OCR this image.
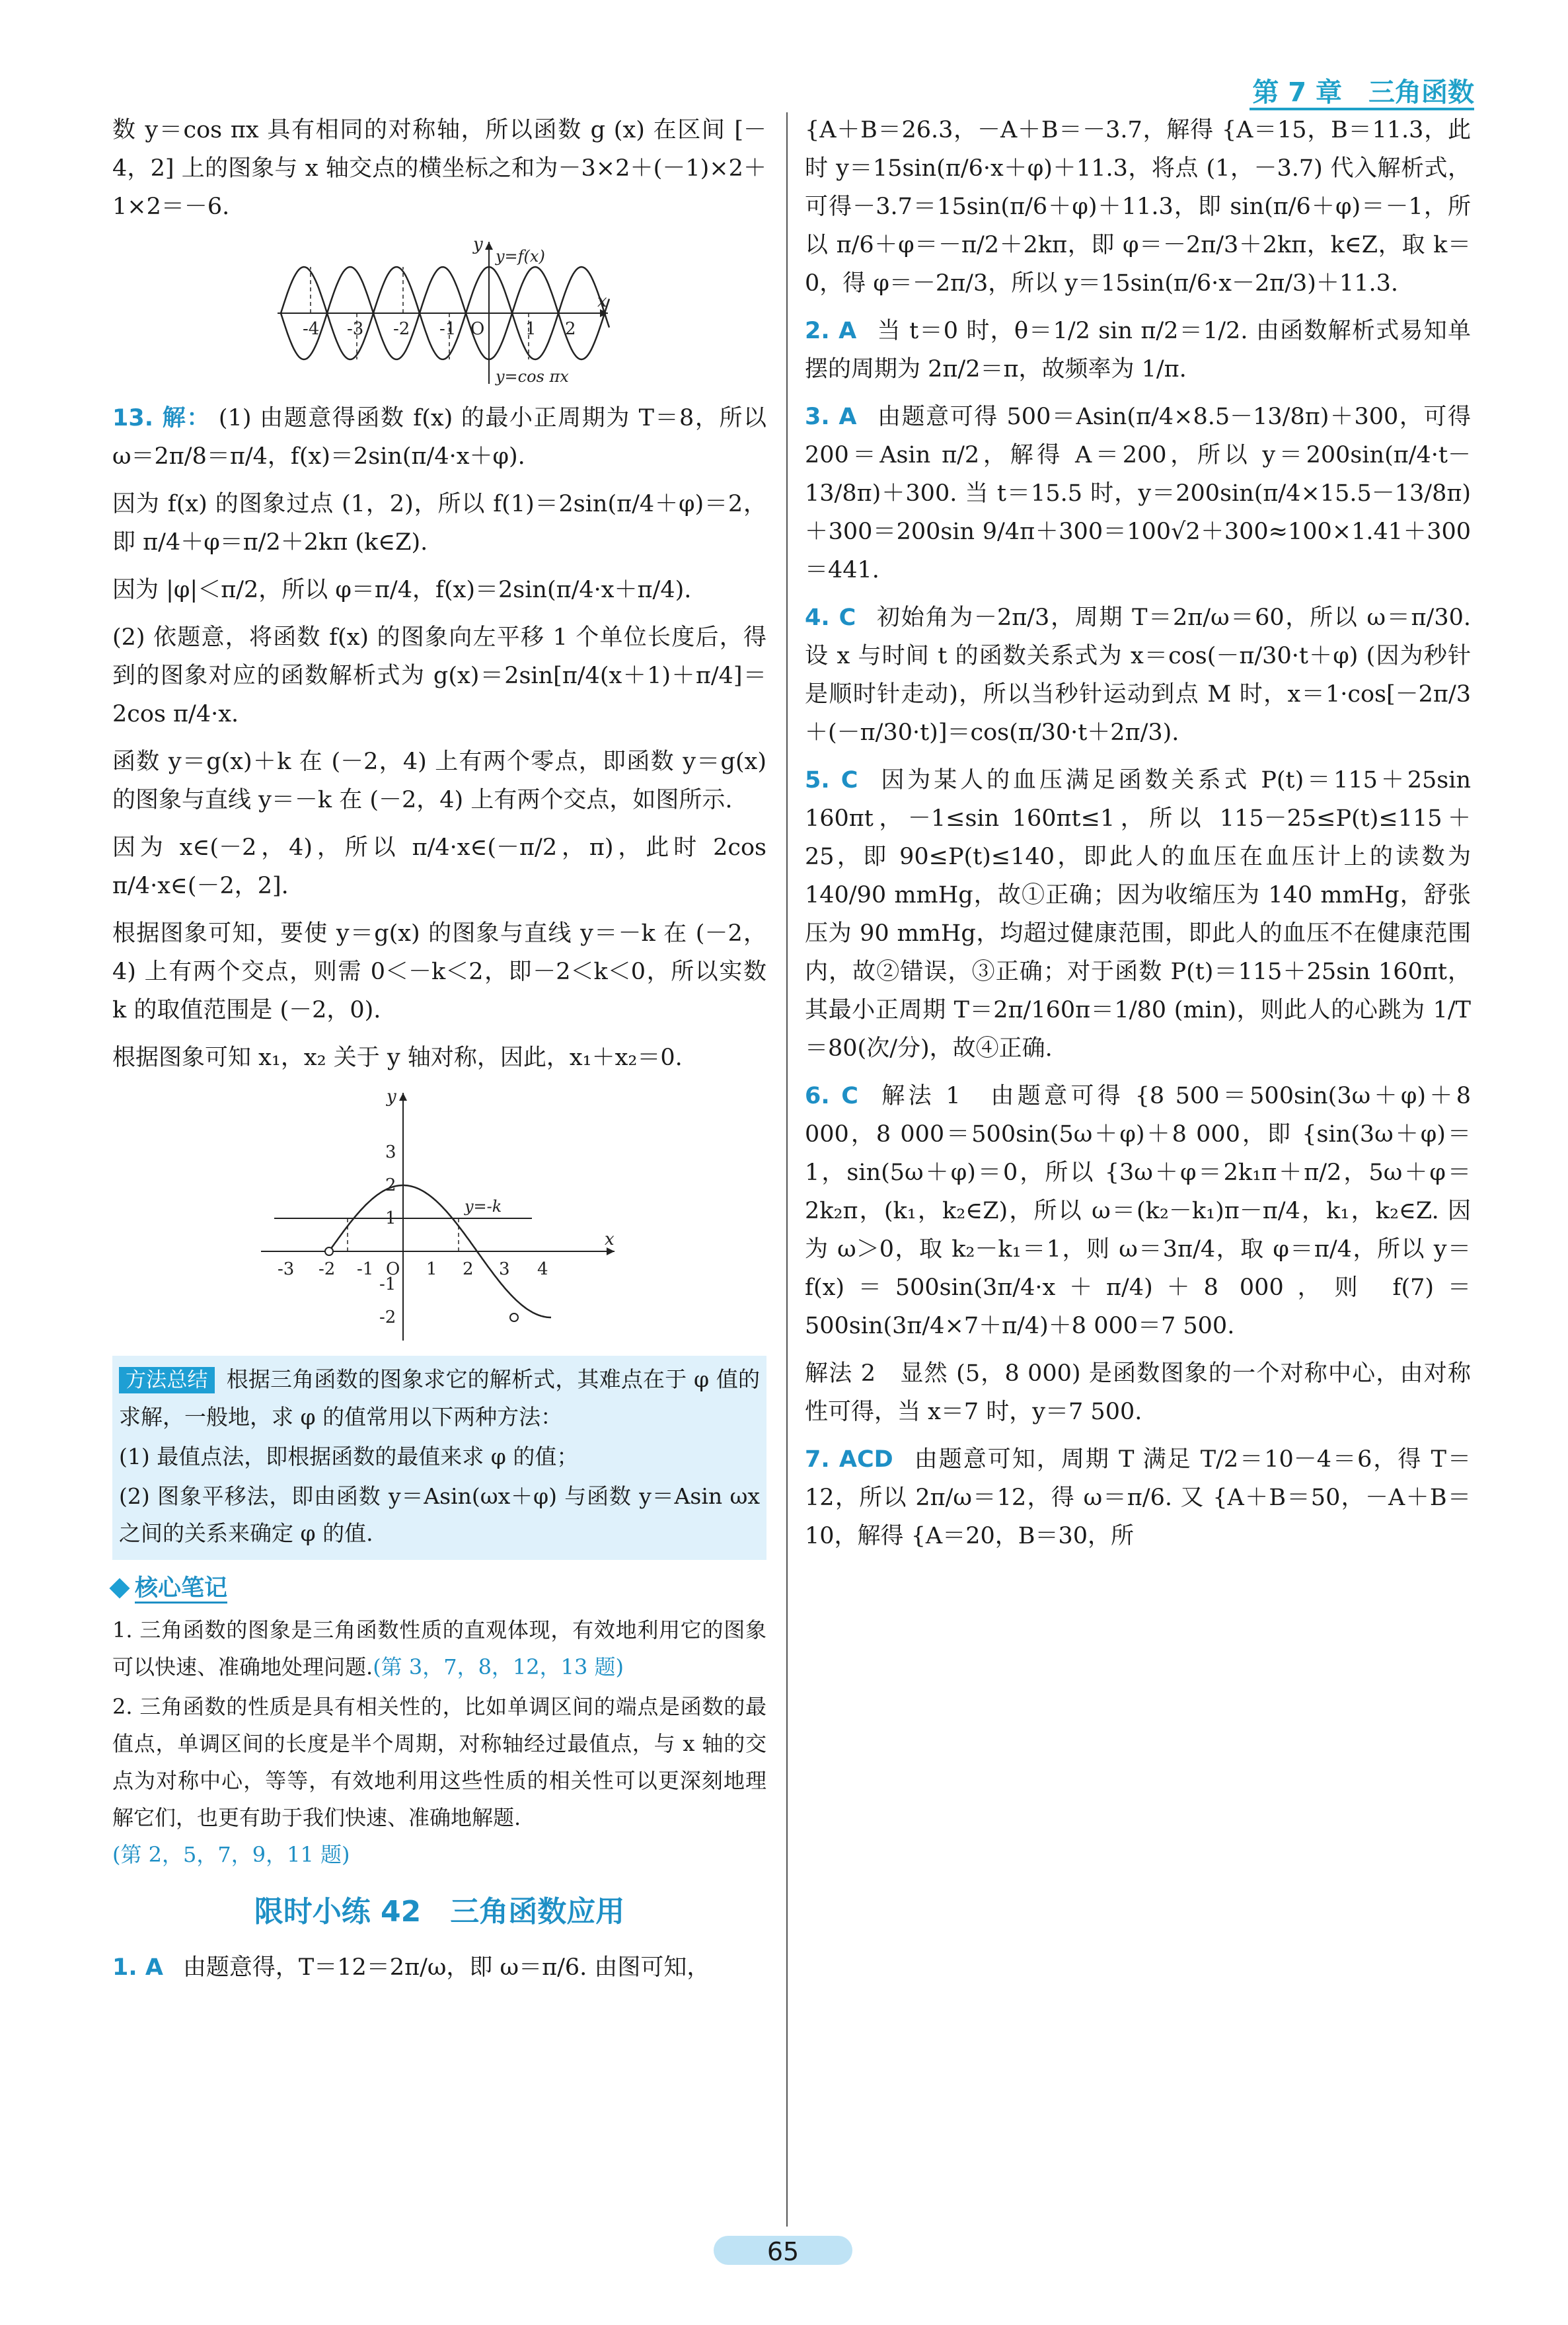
第 7 章　三角函数

数 y＝cos πx 具有相同的对称轴，所以函数 g (x) 在区间 [－4，2] 上的图象与 x 轴交点的横坐标之和为－3×2＋(－1)×2＋1×2＝－6.

-4 -3 -2 -1 O 1 2
x
y
y=f(x)
y=cos πx

13. 解： (1) 由题意得函数 f(x) 的最小正周期为 T＝8，所以 ω＝2π/8＝π/4，f(x)＝2sin(π/4·x＋φ).

因为 f(x) 的图象过点 (1，2)，所以 f(1)＝2sin(π/4＋φ)＝2，即 π/4＋φ＝π/2＋2kπ (k∈Z).

因为 |φ|＜π/2，所以 φ＝π/4，f(x)＝2sin(π/4·x＋π/4).

(2) 依题意，将函数 f(x) 的图象向左平移 1 个单位长度后，得到的图象对应的函数解析式为 g(x)＝2sin[π/4(x＋1)＋π/4]＝2cos π/4·x.

函数 y＝g(x)＋k 在 (－2，4) 上有两个零点，即函数 y＝g(x) 的图象与直线 y＝－k 在 (－2，4) 上有两个交点，如图所示.

因为 x∈(－2，4)，所以 π/4·x∈(－π/2，π)，此时 2cos π/4·x∈(－2，2].

根据图象可知，要使 y＝g(x) 的图象与直线 y＝－k 在 (－2，4) 上有两个交点，则需 0＜－k＜2，即－2＜k＜0，所以实数 k 的取值范围是 (－2，0).

根据图象可知 x₁，x₂ 关于 y 轴对称，因此，x₁＋x₂＝0.

-3 -2 -1 O 1 2 3 4
3
2
1
-1
-2
x
y
y=-k

方法总结 根据三角函数的图象求它的解析式，其难点在于 φ 值的求解，一般地，求 φ 的值常用以下两种方法：

(1) 最值点法，即根据函数的最值来求 φ 的值；

(2) 图象平移法，即由函数 y＝Asin(ωx＋φ) 与函数 y＝Asin ωx 之间的关系来确定 φ 的值.

核心笔记

1. 三角函数的图象是三角函数性质的直观体现，有效地利用它的图象可以快速、准确地处理问题.(第 3，7，8，12，13 题)

2. 三角函数的性质是具有相关性的，比如单调区间的端点是函数的最值点，单调区间的长度是半个周期，对称轴经过最值点，与 x 轴的交点为对称中心，等等，有效地利用这些性质的相关性可以更深刻地理解它们，也更有助于我们快速、准确地解题.
(第 2，5，7，9，11 题)

限时小练 42　三角函数应用

1. A 由题意得，T＝12＝2π/ω，即 ω＝π/6. 由图可知，

{A＋B＝26.3，－A＋B＝－3.7，解得 {A＝15，B＝11.3，此时 y＝15sin(π/6·x＋φ)＋11.3，将点 (1，－3.7) 代入解析式，可得－3.7＝15sin(π/6＋φ)＋11.3，即 sin(π/6＋φ)＝－1，所以 π/6＋φ＝－π/2＋2kπ，即 φ＝－2π/3＋2kπ，k∈Z，取 k＝0，得 φ＝－2π/3，所以 y＝15sin(π/6·x－2π/3)＋11.3.

2. A 当 t＝0 时，θ＝1/2 sin π/2＝1/2. 由函数解析式易知单摆的周期为 2π/2＝π，故频率为 1/π.

3. A 由题意可得 500＝Asin(π/4×8.5－13/8π)＋300，可得 200＝Asin π/2，解得 A＝200，所以 y＝200sin(π/4·t－13/8π)＋300. 当 t＝15.5 时，y＝200sin(π/4×15.5－13/8π)＋300＝200sin 9/4π＋300＝100√2＋300≈100×1.41＋300＝441.

4. C 初始角为－2π/3，周期 T＝2π/ω＝60，所以 ω＝π/30. 设 x 与时间 t 的函数关系式为 x＝cos(－π/30·t＋φ) (因为秒针是顺时针走动)，所以当秒针运动到点 M 时，x＝1·cos[－2π/3＋(－π/30·t)]＝cos(π/30·t＋2π/3).

5. C 因为某人的血压满足函数关系式 P(t)＝115＋25sin 160πt，－1≤sin 160πt≤1，所以 115－25≤P(t)≤115＋25，即 90≤P(t)≤140，即此人的血压在血压计上的读数为 140/90 mmHg，故①正确；因为收缩压为 140 mmHg，舒张压为 90 mmHg，均超过健康范围，即此人的血压不在健康范围内，故②错误，③正确；对于函数 P(t)＝115＋25sin 160πt，其最小正周期 T＝2π/160π＝1/80 (min)，则此人的心跳为 1/T＝80(次/分)，故④正确.

6. C 解法 1　由题意可得 {8 500＝500sin(3ω＋φ)＋8 000，8 000＝500sin(5ω＋φ)＋8 000，即 {sin(3ω＋φ)＝1，sin(5ω＋φ)＝0，所以 {3ω＋φ＝2k₁π＋π/2，5ω＋φ＝2k₂π，(k₁，k₂∈Z)，所以 ω＝(k₂－k₁)π－π/4，k₁，k₂∈Z. 因为 ω＞0，取 k₂－k₁＝1，则 ω＝3π/4，取 φ＝π/4，所以 y＝f(x)＝500sin(3π/4·x＋π/4)＋8 000，则 f(7)＝500sin(3π/4×7＋π/4)＋8 000＝7 500.

解法 2　显然 (5，8 000) 是函数图象的一个对称中心，由对称性可得，当 x＝7 时，y＝7 500.

7. ACD 由题意可知，周期 T 满足 T/2＝10－4＝6，得 T＝12，所以 2π/ω＝12，得 ω＝π/6. 又 {A＋B＝50，－A＋B＝10，解得 {A＝20，B＝30，所

65
